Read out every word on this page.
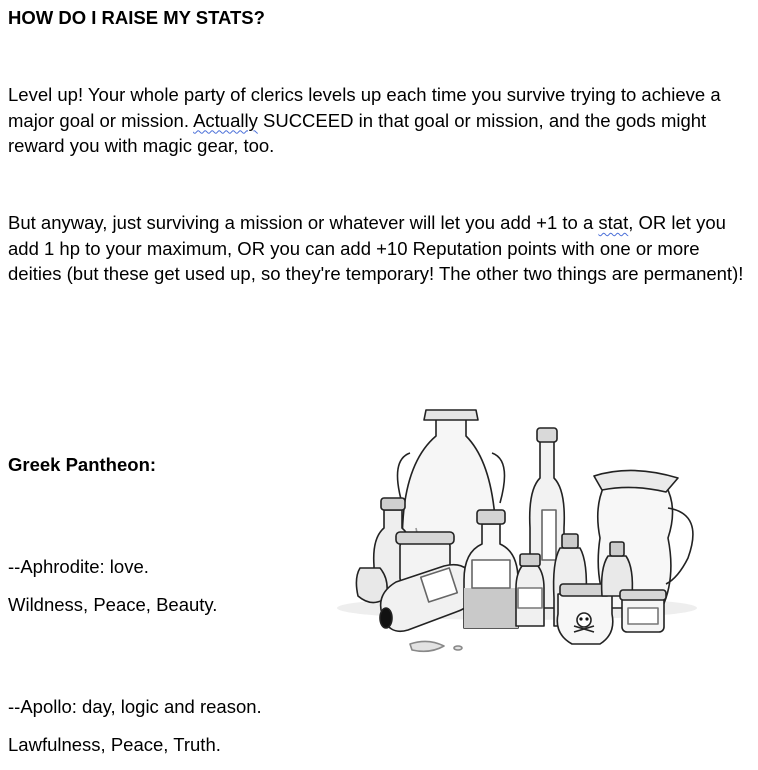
HOW DO I RAISE MY STATS?
Level up! Your whole party of clerics levels up each time you survive trying to achieve a major goal or mission. Actually SUCCEED in that goal or mission, and the gods might reward you with magic gear, too.
But anyway, just surviving a mission or whatever will let you add +1 to a stat, OR let you add 1 hp to your maximum, OR you can add +10 Reputation points with one or more deities (but these get used up, so they're temporary! The other two things are permanent)!
Greek Pantheon:
--Aphrodite: love.
Wildness, Peace, Beauty.
--Apollo: day, logic and reason.
Lawfulness, Peace, Truth.
